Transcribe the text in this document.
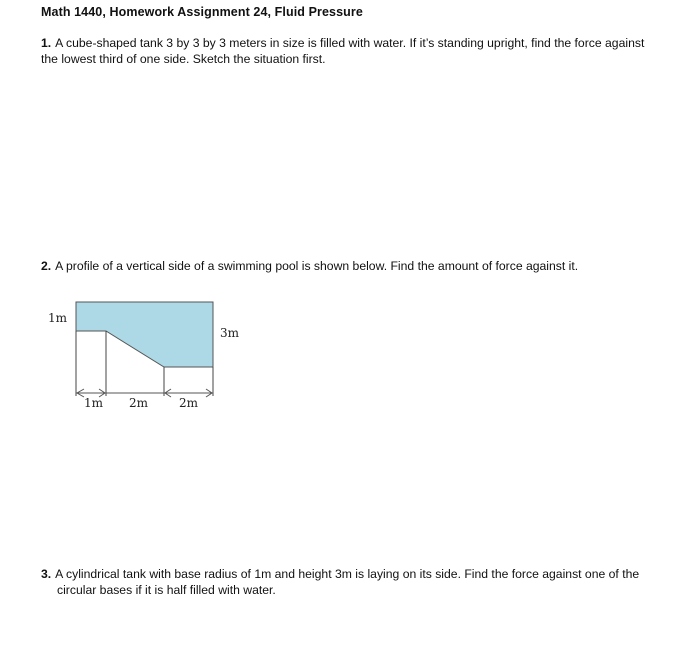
Math 1440, Homework Assignment 24, Fluid Pressure
1. A cube-shaped tank 3 by 3 by 3 meters in size is filled with water. If it’s standing upright, find the force against the lowest third of one side. Sketch the situation first.
2. A profile of a vertical side of a swimming pool is shown below. Find the amount of force against it.
1m
3m
1m 2m	2m
3. A cylindrical tank with base radius of 1m and height 3m is laying on its side. Find the force against one of the
circular bases if it is half filled with water.
